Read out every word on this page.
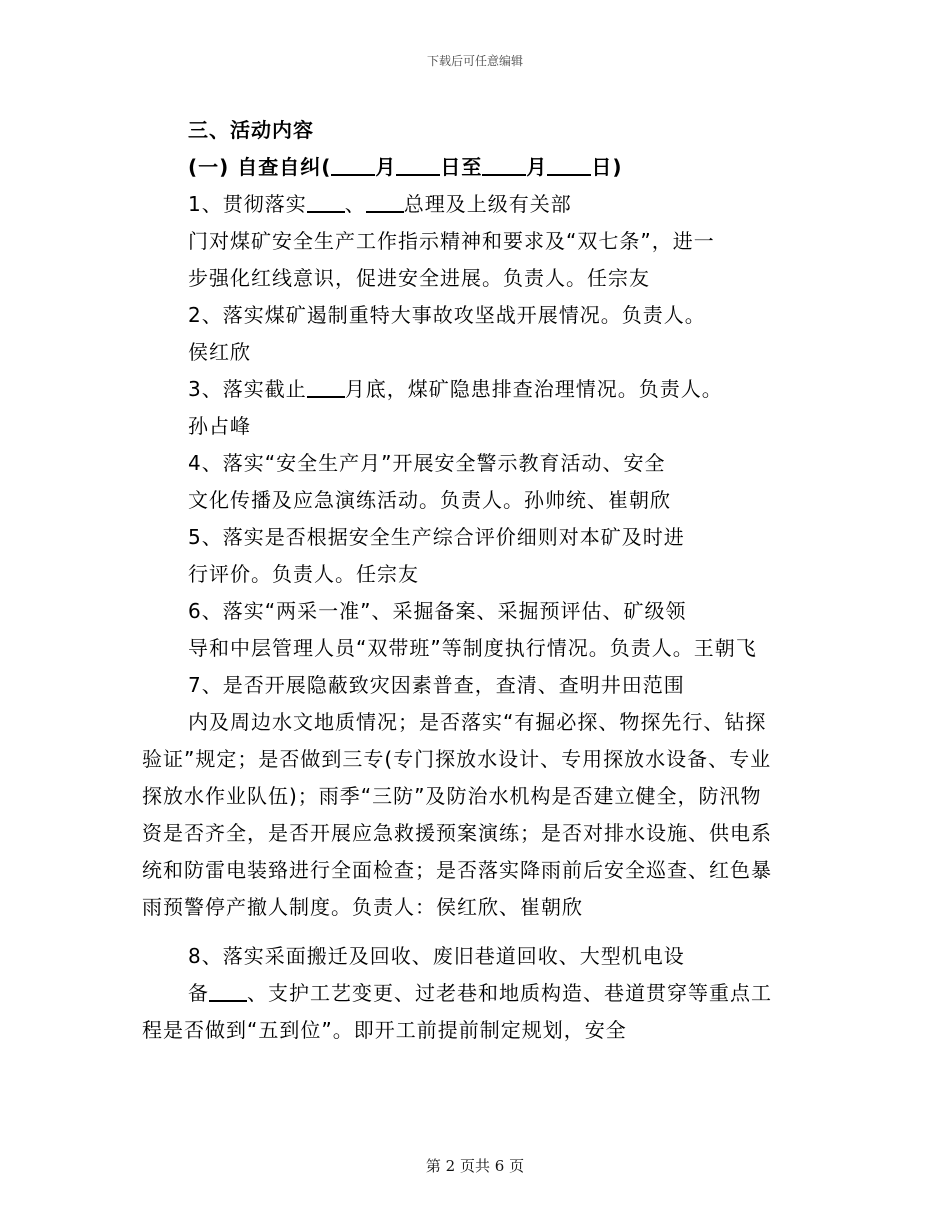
下载后可任意编辑
三、活动内容
(一) 自查自纠( 月 日至 月 日)
1、贯彻落实 、 总理及上级有关部
门对煤矿安全生产工作指示精神和要求及“双七条”，进一
步强化红线意识，促进安全进展。负责人。任宗友
2、落实煤矿遏制重特大事故攻坚战开展情况。负责人。
侯红欣
3、落实截止 月底，煤矿隐患排查治理情况。负责人。
孙占峰
4、落实“安全生产月”开展安全警示教育活动、安全
文化传播及应急演练活动。负责人。孙帅统、崔朝欣
5、落实是否根据安全生产综合评价细则对本矿及时进
行评价。负责人。任宗友
6、落实“两采一准”、采掘备案、采掘预评估、矿级领
导和中层管理人员“双带班”等制度执行情况。负责人。王朝飞
7、是否开展隐蔽致灾因素普查，查清、查明井田范围
内及周边水文地质情况；是否落实“有掘必探、物探先行、钻探
验证”规定；是否做到三专(专门探放水设计、专用探放水设备、专业
探放水作业队伍)；雨季“三防”及防治水机构是否建立健全，防汛物
资是否齐全，是否开展应急救援预案演练；是否对排水设施、供电系
统和防雷电装臵进行全面检查；是否落实降雨前后安全巡查、红色暴
雨预警停产撤人制度。负责人：侯红欣、崔朝欣
8、落实采面搬迁及回收、废旧巷道回收、大型机电设
备 、支护工艺变更、过老巷和地质构造、巷道贯穿等重点工
程是否做到“五到位”。即开工前提前制定规划，安全
第 2 页共 6 页
